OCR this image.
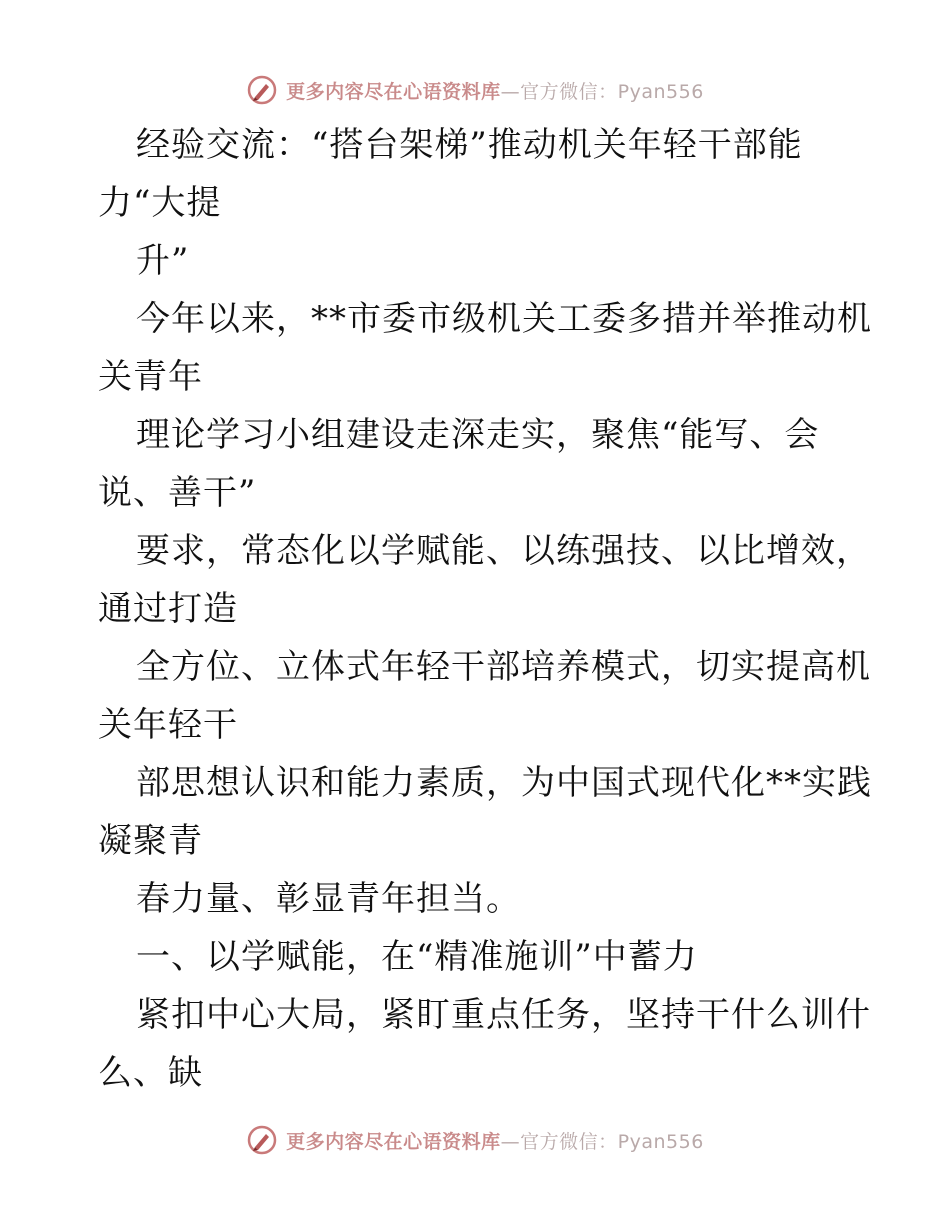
更多内容尽在心语资料库—官方微信：Pyan556
经验交流：“搭台架梯”推动机关年轻干部能
力“大提
升”
今年以来，**市委市级机关工委多措并举推动机
关青年
理论学习小组建设走深走实，聚焦“能写、会
说、善干”
要求，常态化以学赋能、以练强技、以比增效，
通过打造
全方位、立体式年轻干部培养模式，切实提高机
关年轻干
部思想认识和能力素质，为中国式现代化**实践
凝聚青
春力量、彰显青年担当。
一、以学赋能，在“精准施训”中蓄力
紧扣中心大局，紧盯重点任务，坚持干什么训什
么、缺
更多内容尽在心语资料库—官方微信：Pyan556
